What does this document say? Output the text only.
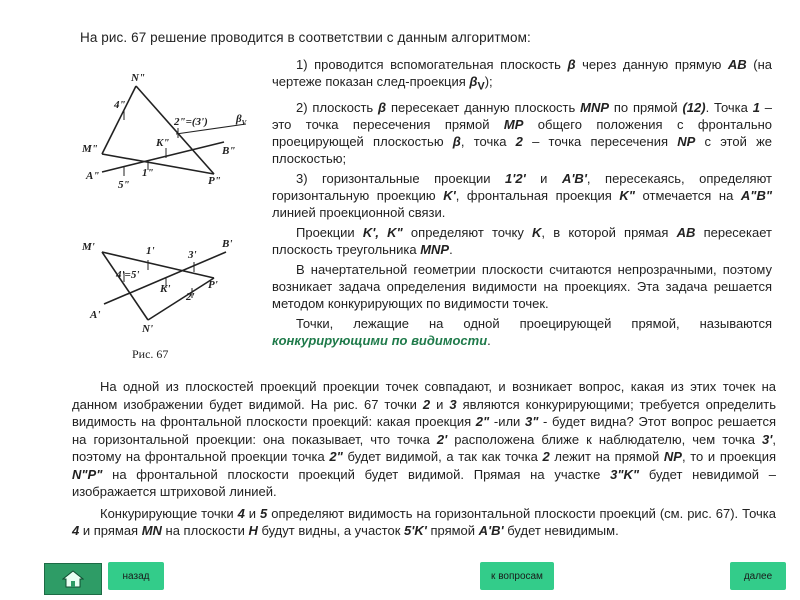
На рис. 67 решение проводится в соответствии с данным алгоритмом:
N"
4"
2"=(3')	$\beta_V$
M"	K"
B"
A"	1"
5"	P"
M'	1'	3'
B'
4'=5'
K'	P'
2'
A'
N'
Рис. 67

1) проводится вспомогательная плоскость β через данную прямую AB (на чертеже показан след-проекция $\beta_V$);

2) плоскость β пересекает данную плоскость MNP по прямой (12). Точка 1 – это точка пересечения прямой MP общего положения с фронтально проецирующей плоскостью β, точка 2 – точка пересечения NP с этой же плоскостью;

3) горизонтальные проекции 1'2' и A'B', пересекаясь, определяют горизонтальную проекцию K', фронтальная проекция K" отмечается на A"B" линией проекционной связи.

Проекции K', K" определяют точку K, в которой прямая AB пересекает плоскость треугольника MNP.

В начертательной геометрии плоскости считаются непрозрачными, поэтому возникает задача определения видимости на проекциях. Эта задача решается методом конкурирующих по видимости точек.

Точки, лежащие на одной проецирующей прямой, называются конкурирующими по видимости.

На одной из плоскостей проекций проекции точек совпадают, и возникает вопрос, какая из этих точек на данном изображении будет видимой. На рис. 67 точки 2 и 3 являются конкурирующими; требуется определить видимость на фронтальной плоскости проекций: какая проекция 2" -или 3" - будет видна? Этот вопрос решается на горизонтальной проекции: она показывает, что точка 2' расположена ближе к наблюдателю, чем точка 3', поэтому на фронтальной проекции точка 2" будет видимой, а так как точка 2 лежит на прямой NP, то и проекция N"P" на фронтальной плоскости проекций будет видимой. Прямая на участке 3"K" будет невидимой – изображается штриховой линией.

Конкурирующие точки 4 и 5 определяют видимость на горизонтальной плоскости проекций (см. рис. 67). Точка 4 и прямая MN на плоскости H будут видны, а участок 5'K' прямой A'B' будет невидимым.

назад	к вопросам	далее
